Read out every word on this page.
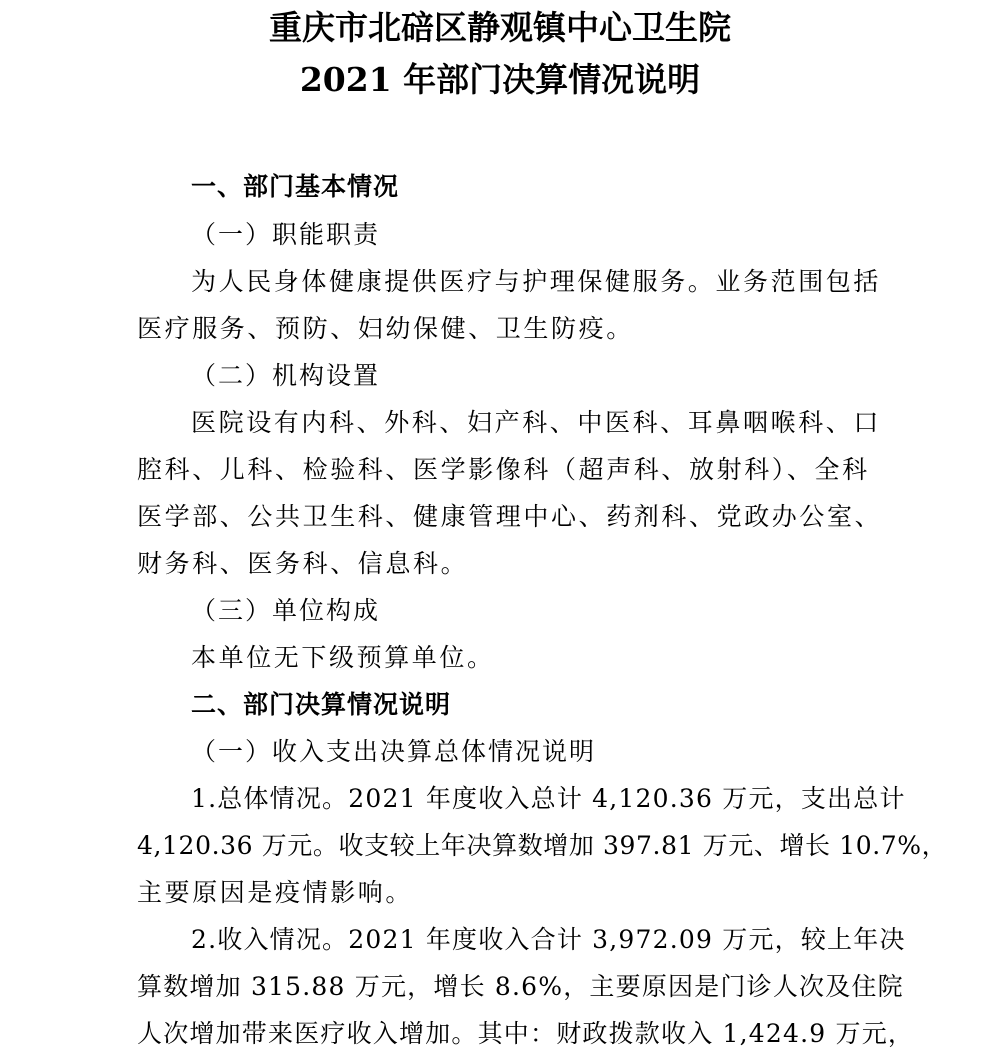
重庆市北碚区静观镇中心卫生院
2021 年部门决算情况说明
一、部门基本情况
（一）职能职责
为人民身体健康提供医疗与护理保健服务。业务范围包括
医疗服务、预防、妇幼保健、卫生防疫。
（二）机构设置
医院设有内科、外科、妇产科、中医科、耳鼻咽喉科、口
腔科、儿科、检验科、医学影像科（超声科、放射科）、全科
医学部、公共卫生科、健康管理中心、药剂科、党政办公室、
财务科、医务科、信息科。
（三）单位构成
本单位无下级预算单位。
二、部门决算情况说明
（一）收入支出决算总体情况说明
1.总体情况。2021 年度收入总计 4,120.36 万元，支出总计
4,120.36 万元。收支较上年决算数增加 397.81 万元、增长 10.7%，
主要原因是疫情影响。
2.收入情况。2021 年度收入合计 3,972.09 万元，较上年决
算数增加 315.88 万元，增长 8.6%，主要原因是门诊人次及住院
人次增加带来医疗收入增加。其中：财政拨款收入 1,424.9 万元，
